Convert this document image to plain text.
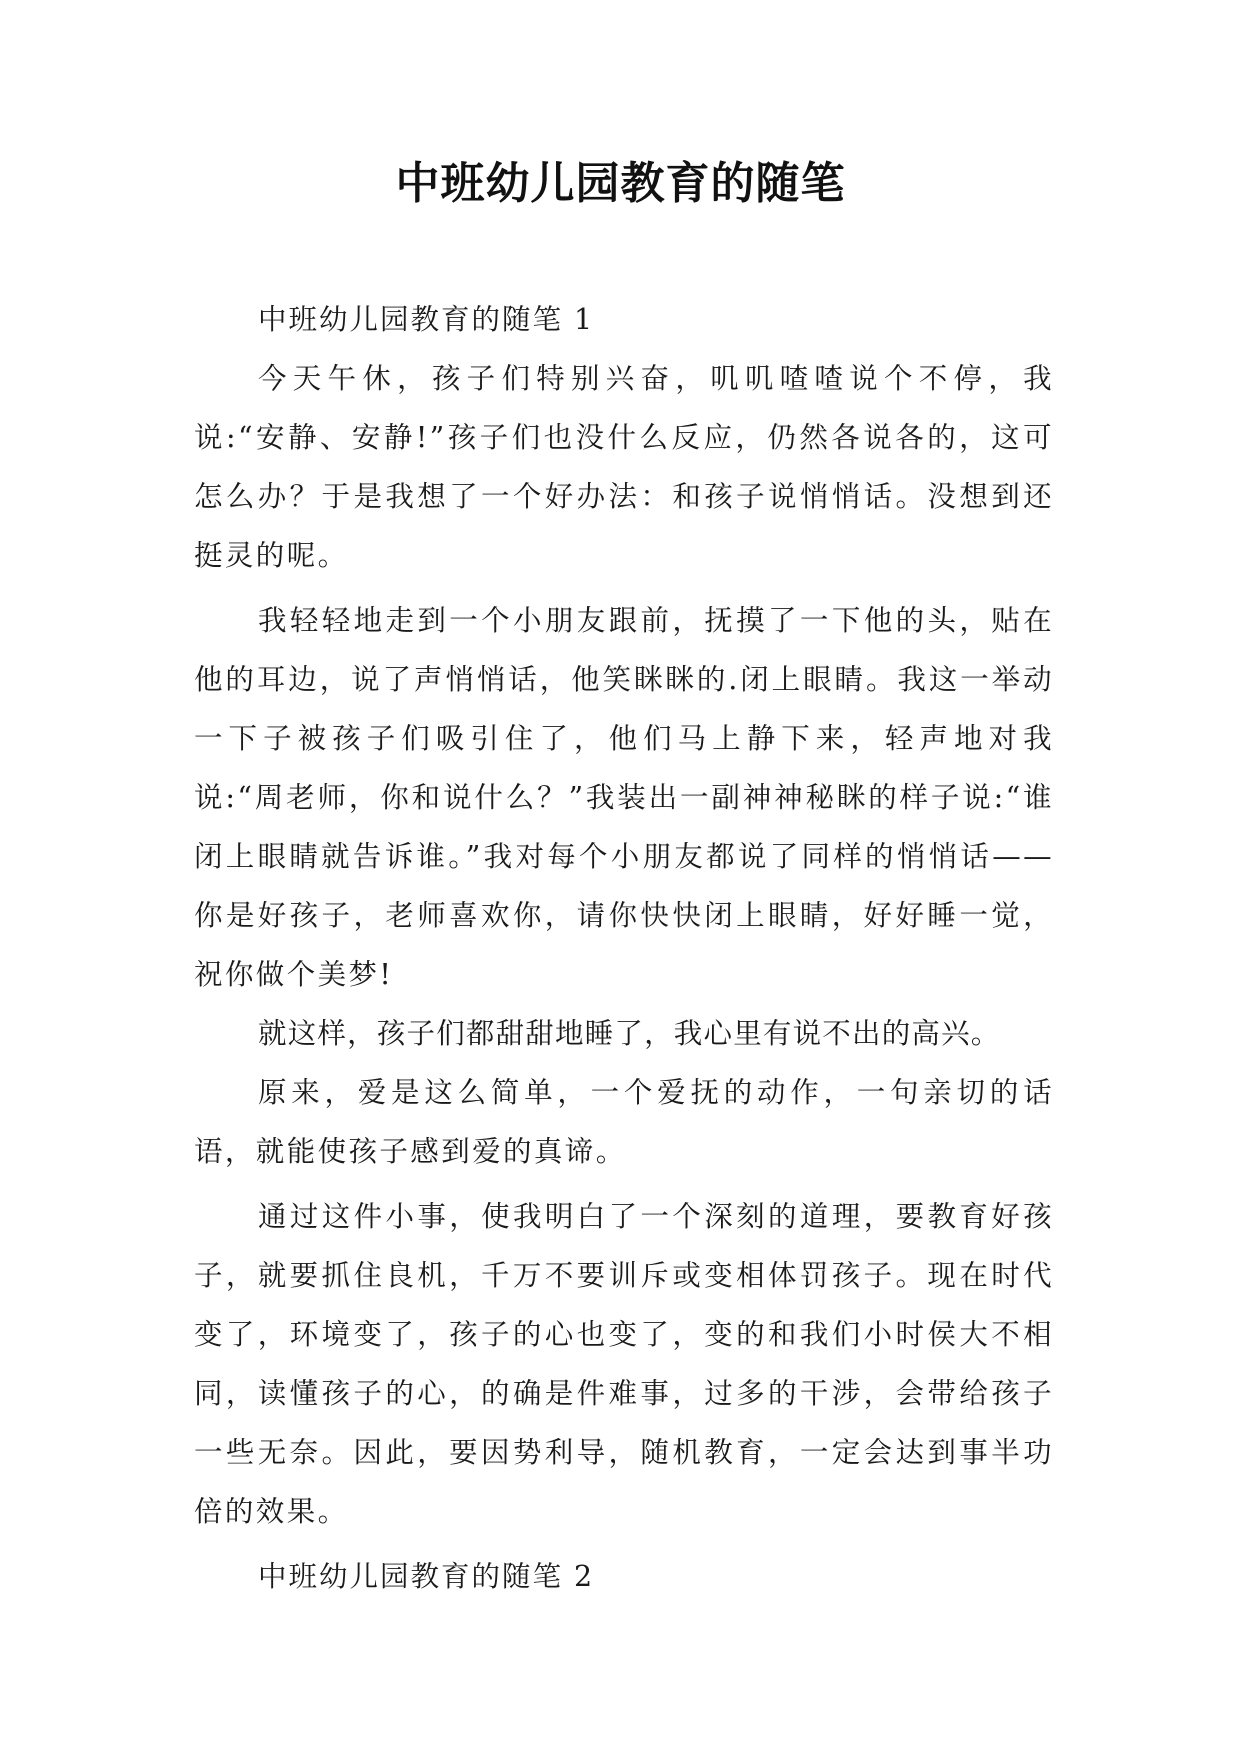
中班幼儿园教育的随笔

中班幼儿园教育的随笔 1

今天午休，孩子们特别兴奋，叽叽喳喳说个不停，我说:“安静、安静!”孩子们也没什么反应，仍然各说各的，这可怎么办？于是我想了一个好办法：和孩子说悄悄话。没想到还挺灵的呢。

我轻轻地走到一个小朋友跟前，抚摸了一下他的头，贴在他的耳边，说了声悄悄话，他笑眯眯的.闭上眼睛。我这一举动一下子被孩子们吸引住了，他们马上静下来，轻声地对我说:“周老师，你和说什么？”我装出一副神神秘眯的样子说:“谁闭上眼睛就告诉谁。”我对每个小朋友都说了同样的悄悄话——你是好孩子，老师喜欢你，请你快快闭上眼睛，好好睡一觉，祝你做个美梦!

就这样，孩子们都甜甜地睡了，我心里有说不出的高兴。

原来，爱是这么简单，一个爱抚的动作，一句亲切的话语，就能使孩子感到爱的真谛。

通过这件小事，使我明白了一个深刻的道理，要教育好孩子，就要抓住良机，千万不要训斥或变相体罚孩子。现在时代变了，环境变了，孩子的心也变了，变的和我们小时侯大不相同，读懂孩子的心，的确是件难事，过多的干涉，会带给孩子一些无奈。因此，要因势利导，随机教育，一定会达到事半功倍的效果。

中班幼儿园教育的随笔 2
